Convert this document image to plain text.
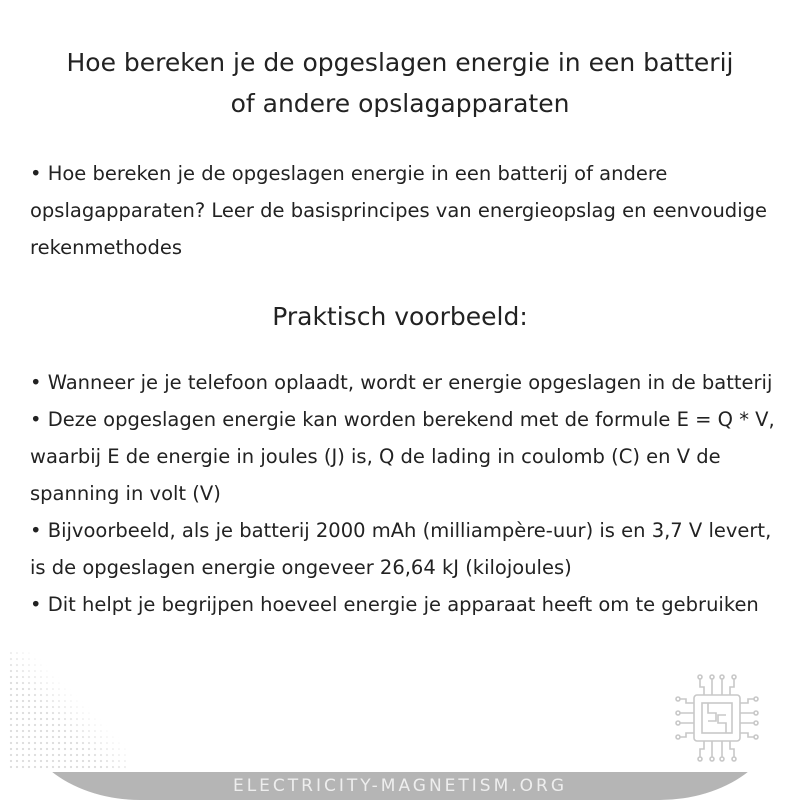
Hoe bereken je de opgeslagen energie in een batterij
of andere opslagapparaten
• Hoe bereken je de opgeslagen energie in een batterij of andere opslagapparaten? Leer de basisprincipes van energieopslag en eenvoudige rekenmethodes
Praktisch voorbeeld:
• Wanneer je je telefoon oplaadt, wordt er energie opgeslagen in de batterij
• Deze opgeslagen energie kan worden berekend met de formule E = Q * V, waarbij E de energie in joules (J) is, Q de lading in coulomb (C) en V de spanning in volt (V)
• Bijvoorbeeld, als je batterij 2000 mAh (milliampère-uur) is en 3,7 V levert, is de opgeslagen energie ongeveer 26,64 kJ (kilojoules)
• Dit helpt je begrijpen hoeveel energie je apparaat heeft om te gebruiken
ELECTRICITY-MAGNETISM.ORG
